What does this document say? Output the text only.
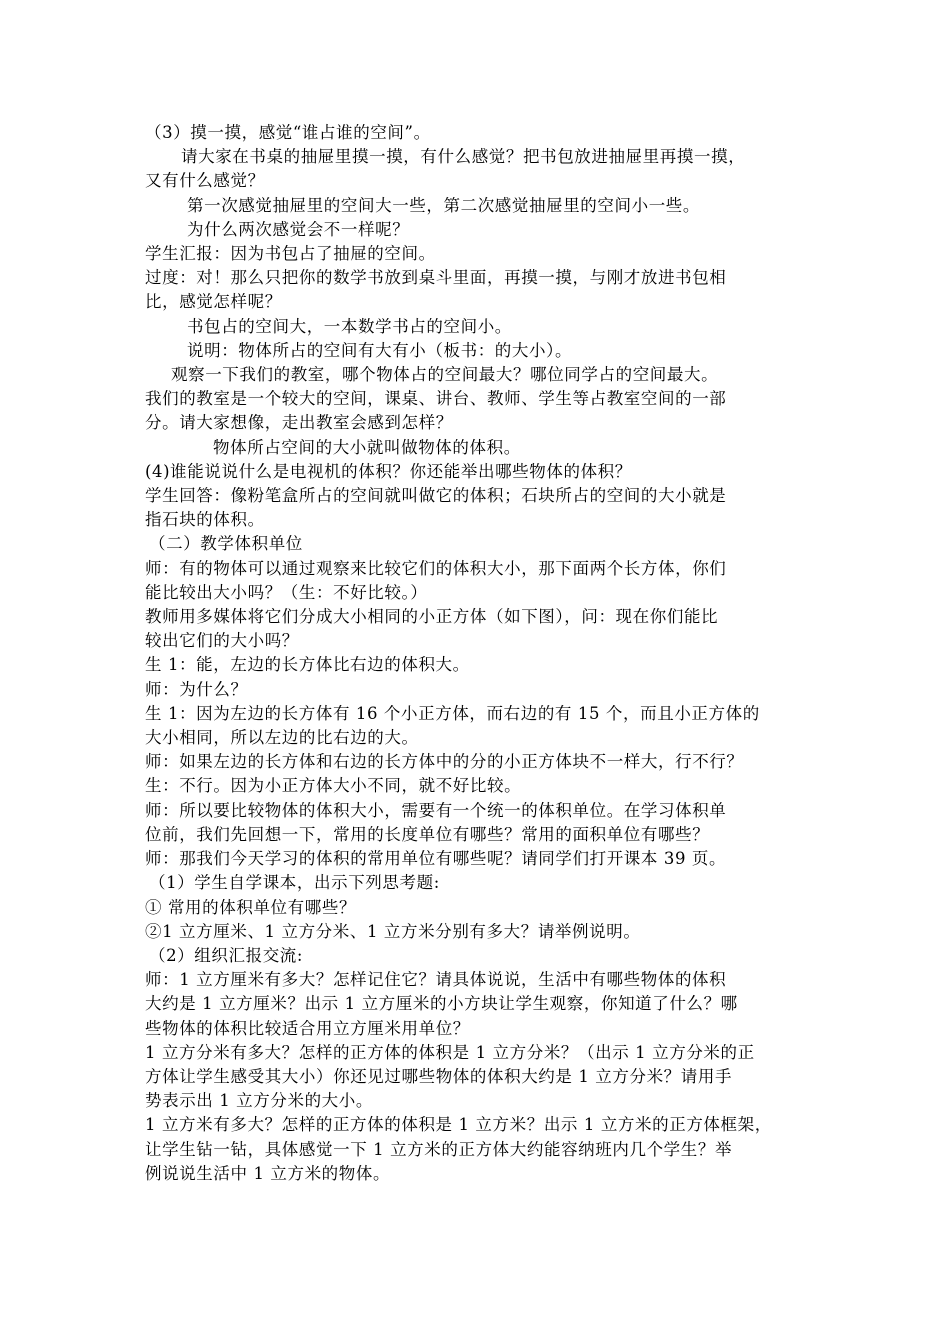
（3）摸一摸，感觉“谁占谁的空间”。
请大家在书桌的抽屉里摸一摸，有什么感觉？把书包放进抽屉里再摸一摸，
又有什么感觉？
第一次感觉抽屉里的空间大一些，第二次感觉抽屉里的空间小一些。
为什么两次感觉会不一样呢？
学生汇报：因为书包占了抽屉的空间。
过度：对！那么只把你的数学书放到桌斗里面，再摸一摸，与刚才放进书包相
比，感觉怎样呢？
书包占的空间大，一本数学书占的空间小。
说明：物体所占的空间有大有小（板书：的大小）。
观察一下我们的教室，哪个物体占的空间最大？哪位同学占的空间最大。
我们的教室是一个较大的空间，课桌、讲台、教师、学生等占教室空间的一部
分。请大家想像，走出教室会感到怎样？
物体所占空间的大小就叫做物体的体积。
(4)谁能说说什么是电视机的体积？你还能举出哪些物体的体积？
学生回答：像粉笔盒所占的空间就叫做它的体积；石块所占的空间的大小就是
指石块的体积。
（二）教学体积单位
师：有的物体可以通过观察来比较它们的体积大小，那下面两个长方体，你们
能比较出大小吗？（生：不好比较。）
教师用多媒体将它们分成大小相同的小正方体（如下图），问：现在你们能比
较出它们的大小吗？
生 1：能，左边的长方体比右边的体积大。
师：为什么？
生 1：因为左边的长方体有 16 个小正方体，而右边的有 15 个，而且小正方体的
大小相同，所以左边的比右边的大。
师：如果左边的长方体和右边的长方体中的分的小正方体块不一样大，行不行？
生：不行。因为小正方体大小不同，就不好比较。
师：所以要比较物体的体积大小，需要有一个统一的体积单位。在学习体积单
位前，我们先回想一下，常用的长度单位有哪些？常用的面积单位有哪些？
师：那我们今天学习的体积的常用单位有哪些呢？请同学们打开课本 39 页。
（1）学生自学课本，出示下列思考题:
① 常用的体积单位有哪些？
②1 立方厘米、1 立方分米、1 立方米分别有多大？请举例说明。
（2）组织汇报交流:
师：1 立方厘米有多大？怎样记住它？请具体说说，生活中有哪些物体的体积
大约是 1 立方厘米？出示 1 立方厘米的小方块让学生观察，你知道了什么？哪
些物体的体积比较适合用立方厘米用单位？
1 立方分米有多大？怎样的正方体的体积是 1 立方分米？（出示 1 立方分米的正
方体让学生感受其大小）你还见过哪些物体的体积大约是 1 立方分米？请用手
势表示出 1 立方分米的大小。
1 立方米有多大？怎样的正方体的体积是 1 立方米？出示 1 立方米的正方体框架，
让学生钻一钻，具体感觉一下 1 立方米的正方体大约能容纳班内几个学生？举
例说说生活中 1 立方米的物体。
